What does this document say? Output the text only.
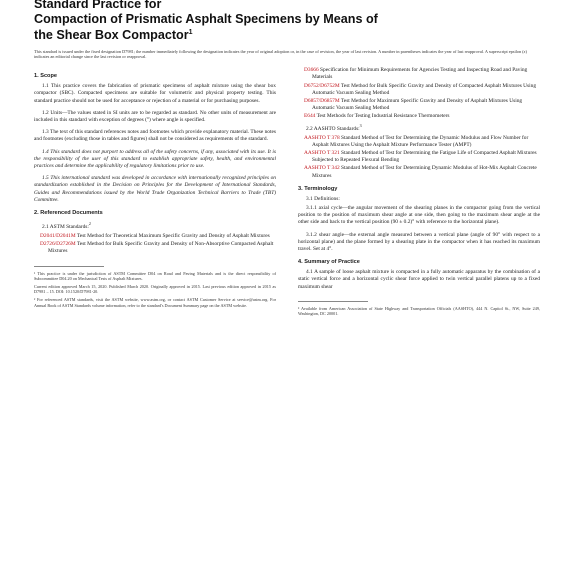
Standard Practice for
Compaction of Prismatic Asphalt Specimens by Means of
the Shear Box Compactor$^1$
This standard is issued under the fixed designation D7981; the number immediately following the designation indicates the year of original adoption or, in the case of revision, the year of last revision. A number in parentheses indicates the year of last reapproval. A superscript epsilon (ε) indicates an editorial change since the last revision or reapproval.
1. Scope

1.1 This practice covers the fabrication of prismatic specimens of asphalt mixture using the shear box compactor (SBC). Compacted specimens are suitable for volumetric and physical property testing. This standard practice should not be used for acceptance or rejection of a material or for purchasing purposes.

1.2 Units—The values stated in SI units are to be regarded as standard. No other units of measurement are included in this standard with exception of degrees (°) where angle is specified.

1.3 The text of this standard references notes and footnotes which provide explanatory material. These notes and footnotes (excluding those in tables and figures) shall not be considered as requirements of the standard.

1.4 This standard does not purport to address all of the safety concerns, if any, associated with its use. It is the responsibility of the user of this standard to establish appropriate safety, health, and environmental practices and determine the applicability of regulatory limitations prior to use.

1.5 This international standard was developed in accordance with internationally recognized principles on standardization established in the Decision on Principles for the Development of International Standards, Guides and Recommendations issued by the World Trade Organization Technical Barriers to Trade (TBT) Committee.

2. Referenced Documents
2.1 ASTM Standards:$^2$
D2041/D2041M Test Method for Theoretical Maximum Specific Gravity and Density of Asphalt Mixtures
D2726/D2726M Test Method for Bulk Specific Gravity and Density of Non-Absorptive Compacted Asphalt Mixtures

¹ This practice is under the jurisdiction of ASTM Committee D04 on Road and Paving Materials and is the direct responsibility of Subcommittee D04.20 on Mechanical Tests of Asphalt Mixtures.

Current edition approved March 15, 2020. Published March 2020. Originally approved in 2015. Last previous edition approved in 2015 as D7981 – 15. DOI: 10.1520/D7981-20.

² For referenced ASTM standards, visit the ASTM website, www.astm.org, or contact ASTM Customer Service at service@astm.org. For Annual Book of ASTM Standards volume information, refer to the standard's Document Summary page on the ASTM website.

D3666 Specification for Minimum Requirements for Agencies Testing and Inspecting Road and Paving Materials
D6752/D6752M Test Method for Bulk Specific Gravity and Density of Compacted Asphalt Mixtures Using Automatic Vacuum Sealing Method
D6857/D6857M Test Method for Maximum Specific Gravity and Density of Asphalt Mixtures Using Automatic Vacuum Sealing Method
E644 Test Methods for Testing Industrial Resistance Thermometers
2.2 AASHTO Standards:$^3$
AASHTO T 378 Standard Method of Test for Determining the Dynamic Modulus and Flow Number for Asphalt Mixtures Using the Asphalt Mixture Performance Tester (AMPT)
AASHTO T 321 Standard Method of Test for Determining the Fatigue Life of Compacted Asphalt Mixtures Subjected to Repeated Flexural Bending
AASHTO T 342 Standard Method of Test for Determining Dynamic Modulus of Hot-Mix Asphalt Concrete Mixtures
3. Terminology
3.1 Definitions:

3.1.1 axial cycle—the angular movement of the shearing planes in the compactor going from the vertical position to the position of maximum shear angle at one side, then going to the maximum shear angle at the other side and back to the vertical position (90 ± 0.2)° with reference to the horizontal plane).

3.1.2 shear angle—the external angle measured between a vertical plane (angle of 90° with respect to a horizontal plane) and the plane formed by a shearing plate in the compactor when it has reached its maximum travel. Set at 4°.

4. Summary of Practice

4.1 A sample of loose asphalt mixture is compacted in a fully automatic apparatus by the combination of a static vertical force and a horizontal cyclic shear force applied to twin vertical parallel platens up to a fixed maximum shear

³ Available from American Association of State Highway and Transportation Officials (AASHTO), 444 N. Capitol St., NW, Suite 249, Washington, DC 20001.
